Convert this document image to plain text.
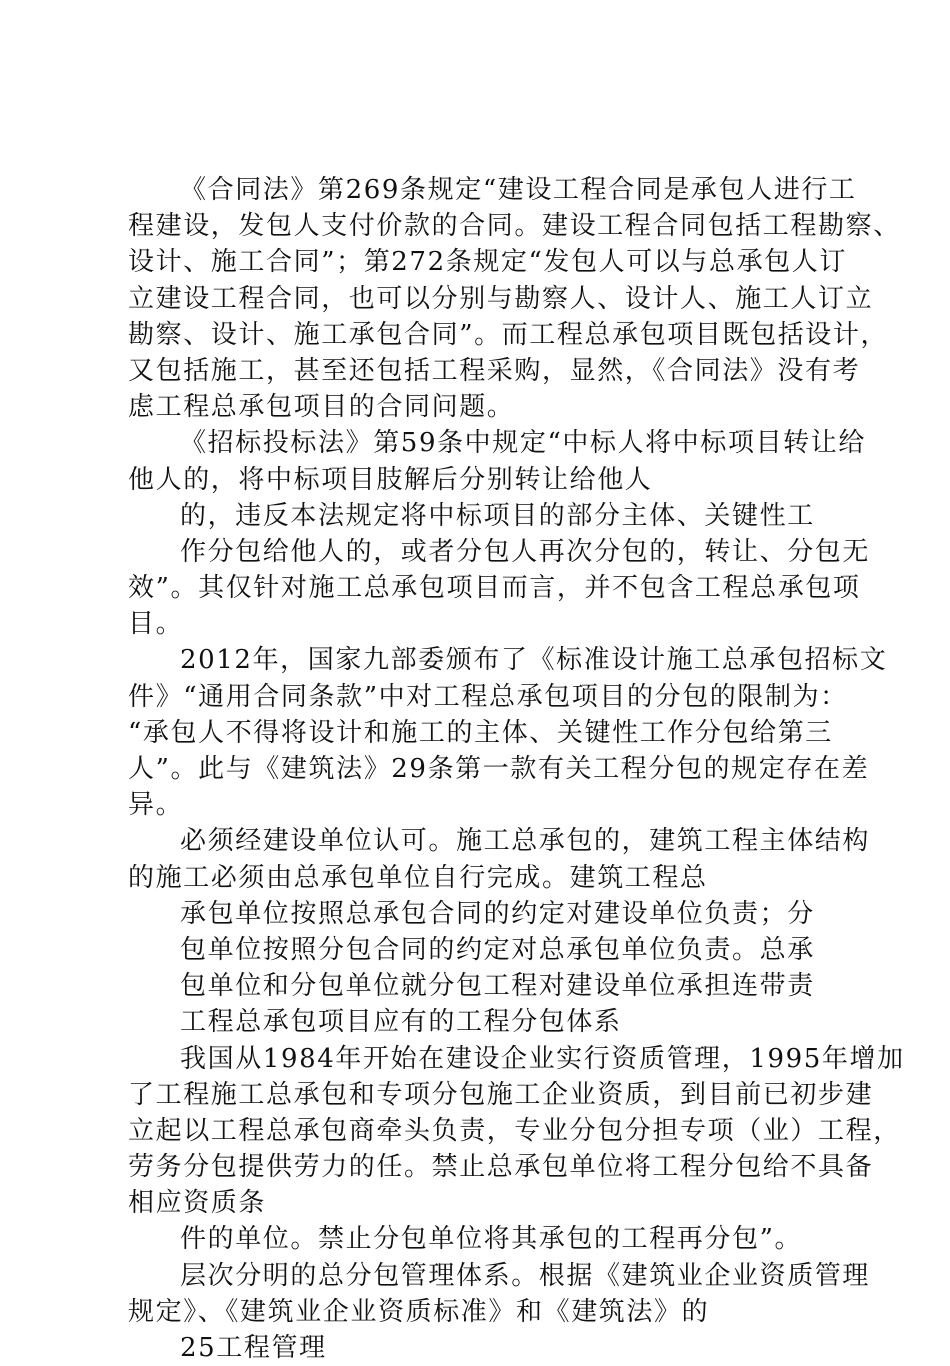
《合同法》第269条规定“建设工程合同是承包人进行工
程建设，发包人支付价款的合同。建设工程合同包括工程勘察、
设计、施工合同”；第272条规定“发包人可以与总承包人订
立建设工程合同，也可以分别与勘察人、设计人、施工人订立
勘察、设计、施工承包合同”。而工程总承包项目既包括设计，
又包括施工，甚至还包括工程采购，显然，《合同法》没有考
虑工程总承包项目的合同问题。
《招标投标法》第59条中规定“中标人将中标项目转让给
他人的，将中标项目肢解后分别转让给他人
的，违反本法规定将中标项目的部分主体、关键性工
作分包给他人的，或者分包人再次分包的，转让、分包无
效”。其仅针对施工总承包项目而言，并不包含工程总承包项
目。
2012年，国家九部委颁布了《标准设计施工总承包招标文
件》“通用合同条款”中对工程总承包项目的分包的限制为：
“承包人不得将设计和施工的主体、关键性工作分包给第三
人”。此与《建筑法》29条第一款有关工程分包的规定存在差
异。
必须经建设单位认可。施工总承包的，建筑工程主体结构
的施工必须由总承包单位自行完成。建筑工程总
承包单位按照总承包合同的约定对建设单位负责；分
包单位按照分包合同的约定对总承包单位负责。总承
包单位和分包单位就分包工程对建设单位承担连带责
工程总承包项目应有的工程分包体系
我国从1984年开始在建设企业实行资质管理，1995年增加
了工程施工总承包和专项分包施工企业资质，到目前已初步建
立起以工程总承包商牵头负责，专业分包分担专项（业）工程，
劳务分包提供劳力的任。禁止总承包单位将工程分包给不具备
相应资质条
件的单位。禁止分包单位将其承包的工程再分包”。
层次分明的总分包管理体系。根据《建筑业企业资质管理
规定》、《建筑业企业资质标准》和《建筑法》的
25工程管理
